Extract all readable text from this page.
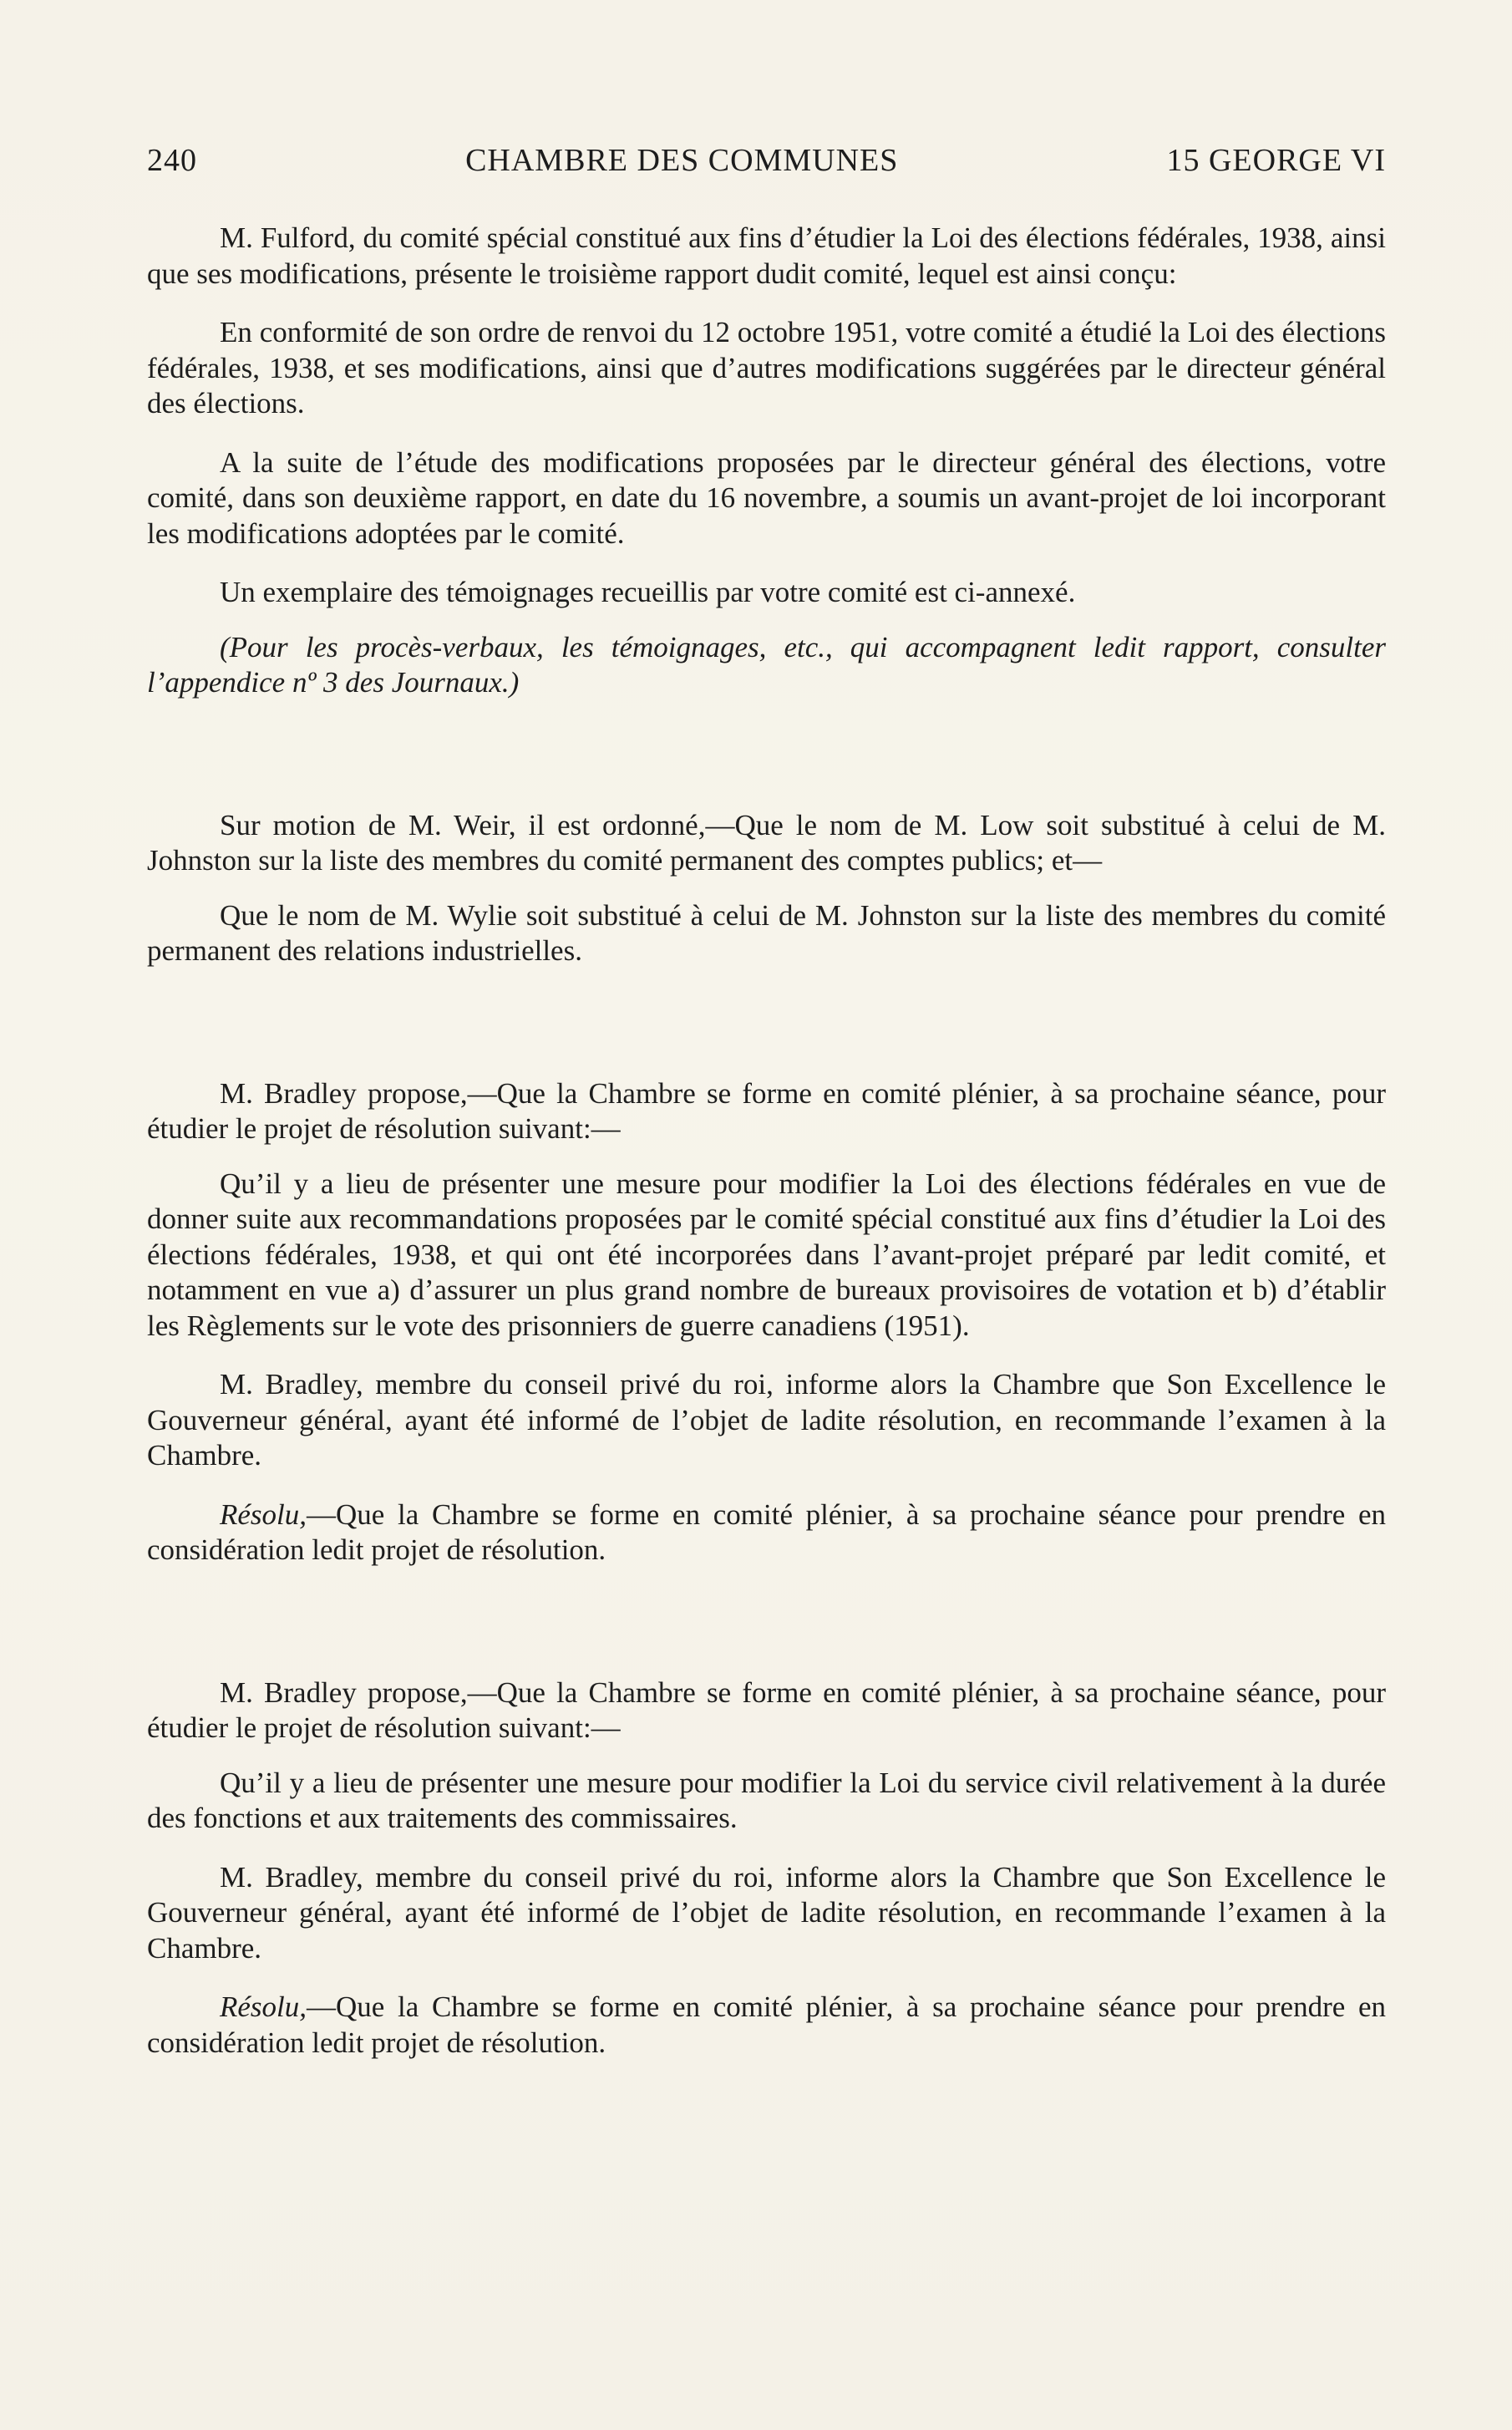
240	CHAMBRE DES COMMUNES	15 GEORGE VI

M. Fulford, du comité spécial constitué aux fins d’étudier la Loi des élections fédérales, 1938, ainsi que ses modifications, présente le troisième rapport dudit comité, lequel est ainsi conçu:

En conformité de son ordre de renvoi du 12 octobre 1951, votre comité a étudié la Loi des élections fédérales, 1938, et ses modifications, ainsi que d’autres modifications suggérées par le directeur général des élections.

A la suite de l’étude des modifications proposées par le directeur général des élections, votre comité, dans son deuxième rapport, en date du 16 novembre, a soumis un avant-projet de loi incorporant les modifications adoptées par le comité.

Un exemplaire des témoignages recueillis par votre comité est ci-annexé.

(Pour les procès-verbaux, les témoignages, etc., qui accompagnent ledit rapport, consulter l’appendice nº 3 des Journaux.)

Sur motion de M. Weir, il est ordonné,—Que le nom de M. Low soit substitué à celui de M. Johnston sur la liste des membres du comité permanent des comptes publics; et—

Que le nom de M. Wylie soit substitué à celui de M. Johnston sur la liste des membres du comité permanent des relations industrielles.

M. Bradley propose,—Que la Chambre se forme en comité plénier, à sa prochaine séance, pour étudier le projet de résolution suivant:—

Qu’il y a lieu de présenter une mesure pour modifier la Loi des élections fédérales en vue de donner suite aux recommandations proposées par le comité spécial constitué aux fins d’étudier la Loi des élections fédérales, 1938, et qui ont été incorporées dans l’avant-projet préparé par ledit comité, et notamment en vue a) d’assurer un plus grand nombre de bureaux provisoires de votation et b) d’établir les Règlements sur le vote des prisonniers de guerre canadiens (1951).

M. Bradley, membre du conseil privé du roi, informe alors la Chambre que Son Excellence le Gouverneur général, ayant été informé de l’objet de ladite résolution, en recommande l’examen à la Chambre.

Résolu,—Que la Chambre se forme en comité plénier, à sa prochaine séance pour prendre en considération ledit projet de résolution.

M. Bradley propose,—Que la Chambre se forme en comité plénier, à sa prochaine séance, pour étudier le projet de résolution suivant:—

Qu’il y a lieu de présenter une mesure pour modifier la Loi du service civil relativement à la durée des fonctions et aux traitements des commissaires.

M. Bradley, membre du conseil privé du roi, informe alors la Chambre que Son Excellence le Gouverneur général, ayant été informé de l’objet de ladite résolution, en recommande l’examen à la Chambre.

Résolu,—Que la Chambre se forme en comité plénier, à sa prochaine séance pour prendre en considération ledit projet de résolution.
